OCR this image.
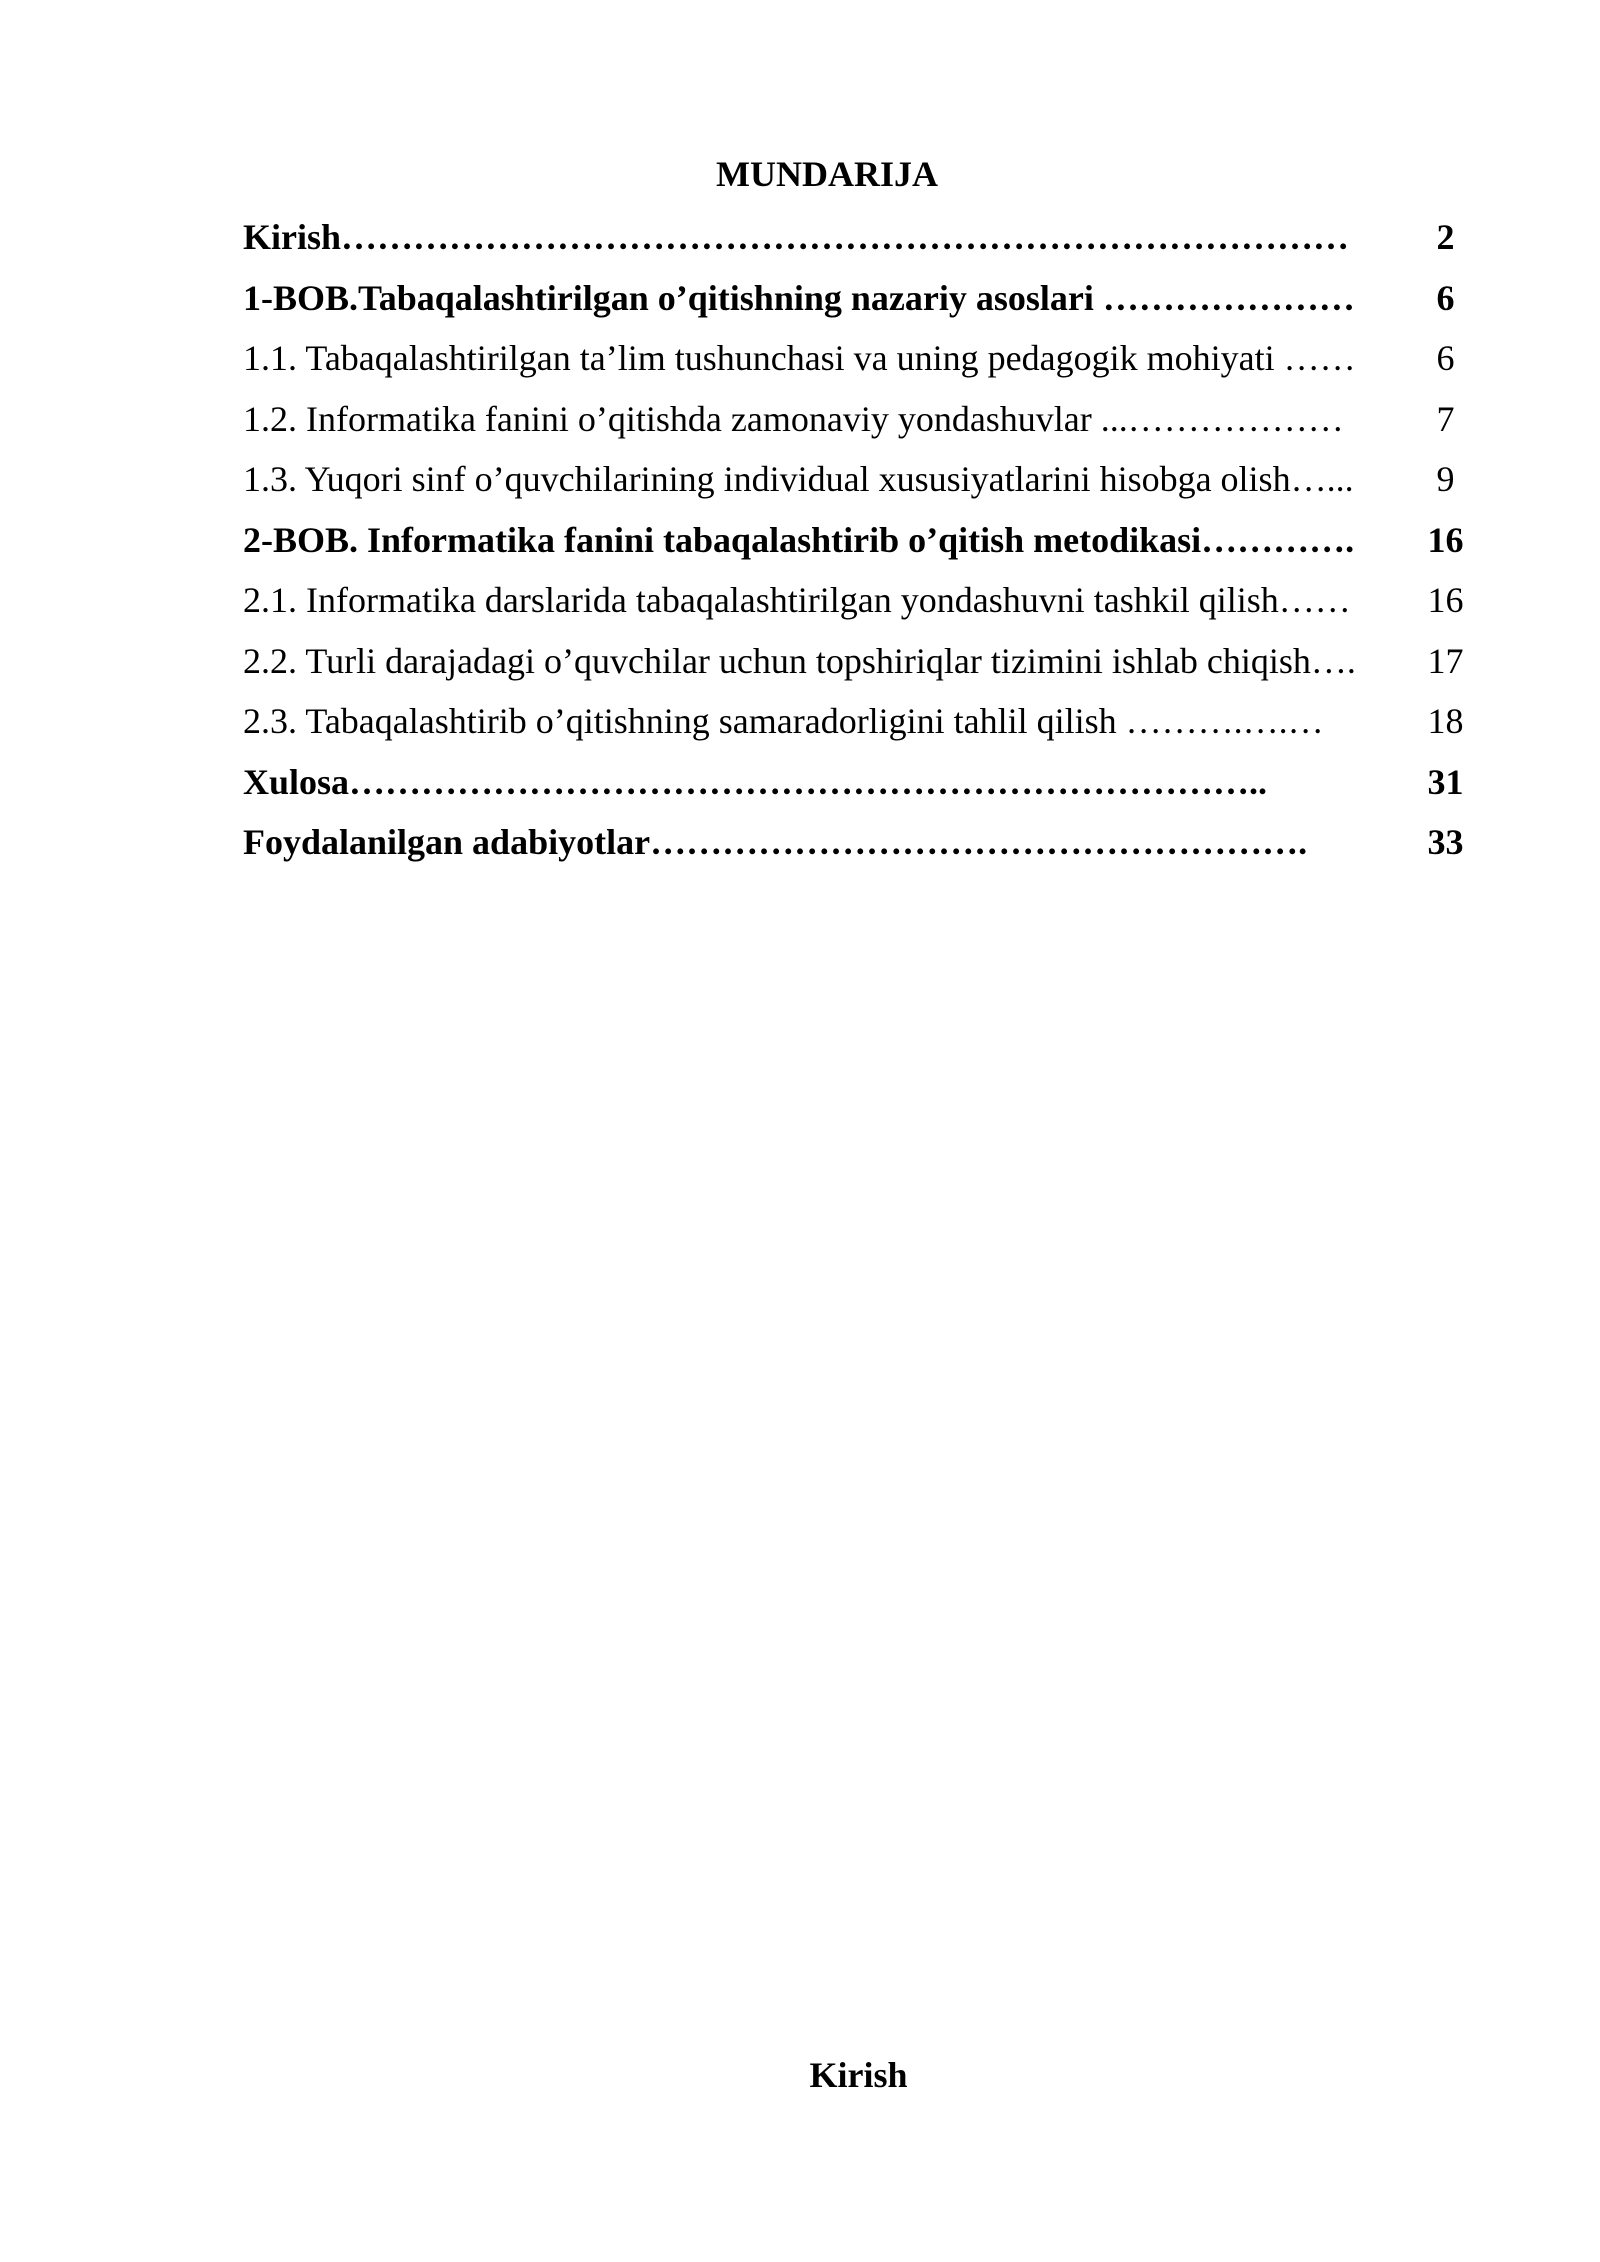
MUNDARIJA
Kirish…………………………………………………………………………	2
1-BOB.Tabaqalashtirilgan o’qitishning nazariy asoslari …………………	6
1.1. Tabaqalashtirilgan ta’lim tushunchasi va uning pedagogik mohiyati ……	6
1.2. Informatika fanini o’qitishda zamonaviy yondashuvlar ...………………	7
1.3. Yuqori sinf o’quvchilarining individual xususiyatlarini hisobga olish…...	9
2-BOB. Informatika fanini tabaqalashtirib o’qitish metodikasi………….	16
2.1. Informatika darslarida tabaqalashtirilgan yondashuvni tashkil qilish……	16
2.2. Turli darajadagi o’quvchilar uchun topshiriqlar tizimini ishlab chiqish….	17
2.3. Tabaqalashtirib o’qitishning samaradorligini tahlil qilish ……….….…	18
Xulosa…………………………………………………………………..	31
Foydalanilgan adabiyotlar……………………………………………….	33
Kirish
